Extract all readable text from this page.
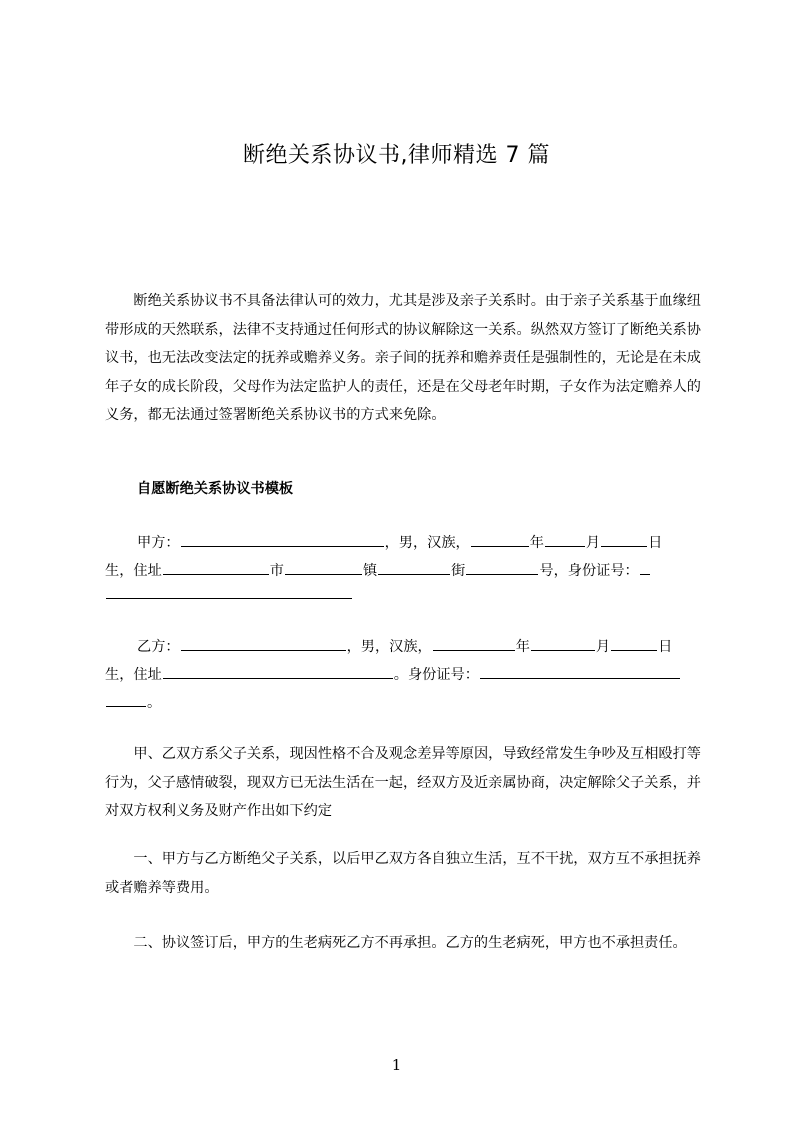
断绝关系协议书,律师精选 7 篇
断绝关系协议书不具备法律认可的效力，尤其是涉及亲子关系时。由于亲子关系基于血缘纽带形成的天然联系，法律不支持通过任何形式的协议解除这一关系。纵然双方签订了断绝关系协议书，也无法改变法定的抚养或赡养义务。亲子间的抚养和赡养责任是强制性的，无论是在未成年子女的成长阶段，父母作为法定监护人的责任，还是在父母老年时期，子女作为法定赡养人的义务，都无法通过签署断绝关系协议书的方式来免除。
自愿断绝关系协议书模板
甲方：	，男，汉族，	年	月	日
生，住址	市	镇	街	号，身份证号：
乙方：	，男，汉族，	年	月	日
生，住址	。身份证号：
。
甲、乙双方系父子关系，现因性格不合及观念差异等原因，导致经常发生争吵及互相殴打等行为，父子感情破裂，现双方已无法生活在一起，经双方及近亲属协商，决定解除父子关系，并对双方权利义务及财产作出如下约定
一、甲方与乙方断绝父子关系，以后甲乙双方各自独立生活，互不干扰，双方互不承担抚养或者赡养等费用。
二、协议签订后，甲方的生老病死乙方不再承担。乙方的生老病死，甲方也不承担责任。
1
